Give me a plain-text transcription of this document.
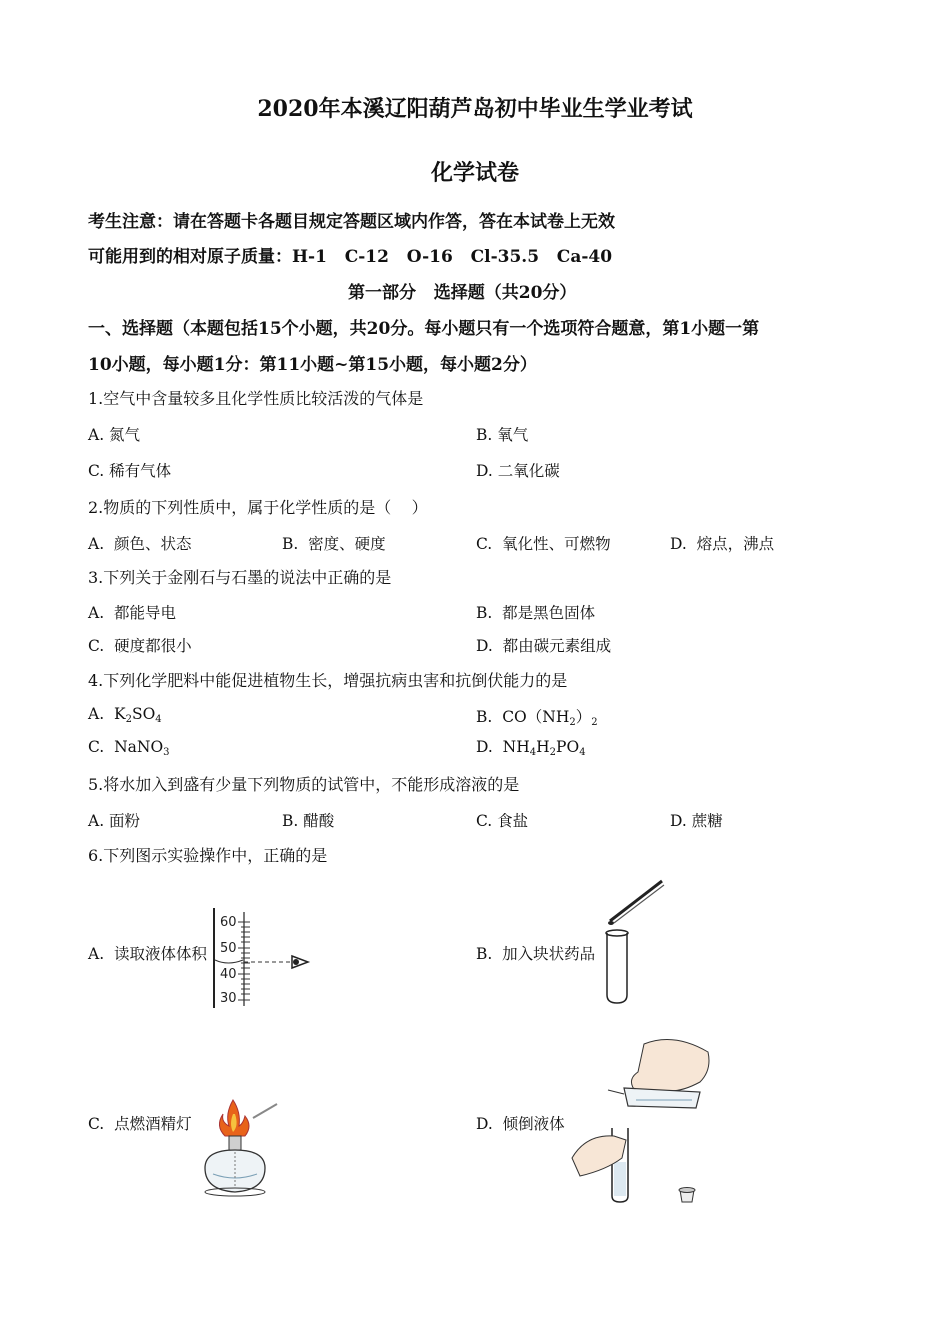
2020年本溪辽阳葫芦岛初中毕业生学业考试
化学试卷
考生注意：请在答题卡各题目规定答题区域内作答，答在本试卷上无效
可能用到的相对原子质量：H-1   C-12   O-16   Cl-35.5   Ca-40
第一部分   选择题（共20分）
一、选择题（本题包括15个小题，共20分。每小题只有一个选项符合题意，第1小题一第
10小题，每小题1分：第11小题~第15小题，每小题2分）
1.空气中含量较多且化学性质比较活泼的气体是
A. 氮气	B. 氧气
C. 稀有气体	D. 二氧化碳
2.物质的下列性质中，属于化学性质的是（    ）
A.  颜色、状态	B.  密度、硬度	C.  氧化性、可燃物	D.  熔点，沸点
3.下列关于金刚石与石墨的说法中正确的是
A.  都能导电	B.  都是黑色固体
C.  硬度都很小	D.  都由碳元素组成
4.下列化学肥料中能促进植物生长，增强抗病虫害和抗倒伏能力的是
A. $K_2SO_4$	B. $CO(NH_2)_2$
C. NaNO$_3$	D. $NH_4H_2PO_4$
5.将水加入到盛有少量下列物质的试管中，不能形成溶液的是
A. 面粉	B. 醋酸	C. 食盐	D. 蔗糖
6.下列图示实验操作中，正确的是
A.  读取液体体积	B.  加入块状药品
C.  点燃酒精灯	D.  倾倒液体
60
50
40
30
